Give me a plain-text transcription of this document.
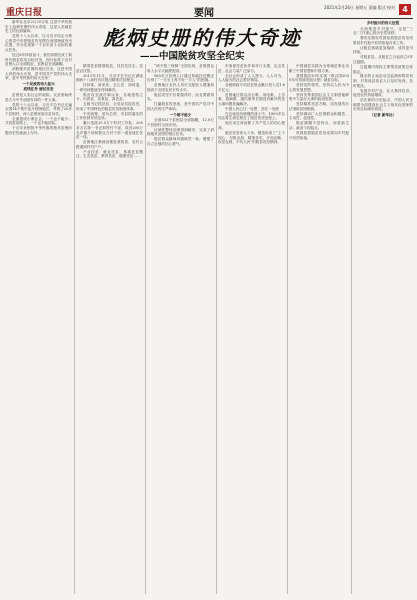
重庆日报	要闻
2021年2月26日 星期五 责编 版式 校对 4
彪炳史册的伟大奇迹
——中国脱贫攻坚全纪实

新华社北京2月25日电 这是中华民族史上彪炳史册的伟大奇迹，这是人类减贫史上的壮丽篇章。

党的十八大以来，以习近平同志为核心的党中央把脱贫攻坚摆在治国理政突出位置，作为实现第一个百年奋斗目标的重点任务。

经过8年持续奋斗，我们如期完成了新时代脱贫攻坚目标任务，现行标准下农村贫困人口全部脱贫，贫困县全部摘帽。

消除绝对贫困的艰巨任务，这是中国人民的伟大光荣，是中国共产党的伟大光荣，是中华民族的伟大光荣！

一个民族的伟大复兴

底线任务 硬仗攻坚

贫困是人类社会的顽疾。反贫困始终是古今中外治国安邦的一件大事。

党的十八大以来，习近平总书记走遍全国14个集中连片特困地区，考察了20多个贫困村，深入贫困家庭访贫问苦。

全面建成小康社会，一个也不能少；共同富裕路上，一个也不能掉队。

千百年来困扰中华民族的绝对贫困问题历史性地画上句号。

精准扶贫精准脱贫，扶贫先扶志，扶贫必扶智。

2013年11月，习近平总书记在湖南湘西十八洞村首次提出精准扶贫理念。

扶持谁、谁来扶、怎么扶、如何退，一系列问题逐步得到解决。

脱贫攻坚战打响以来，各地建档立卡，识真贫、扶真贫、真扶贫。

五级书记抓扶贫、全党动员促攻坚，形成了中国特色的脱贫攻坚制度体系。

中央统筹、省负总责、市县抓落实的工作机制有效运转。

累计选派25.5万个驻村工作队、300多万名第一书记和驻村干部，同近200万名乡镇干部和数百万村干部一道奋战在扶贫一线。

贫困地区基础设施显著改善，农村公路通到村村户户。

产业扶贫、就业扶贫、易地扶贫搬迁、生态扶贫、教育扶贫、健康扶贫……

“两不愁三保障”全面实现，贫困群众收入水平大幅度提高。

960多万贫困人口通过易地扶贫搬迁告别了“一方水土养不好一方人”的困境。

贫困地区农民人均可支配收入增速持续高于全国农民平均水平。

脱贫攻坚不仅要做得好，而且要做得实。

打赢脱贫攻坚战，是中国共产党对中国人民的庄严承诺。

一个都不能少

全国832个贫困县全部摘帽，12.8万个贫困村全部出列。

区域性整体贫困得到解决，完成了消除绝对贫困的艰巨任务。

脱贫群众精神风貌焕然一新，增强了自立自强的信心勇气。

东西部扶贫协作和对口支援，定点扶贫，社会力量广泛参与。

全社会形成了人人愿为、人人可为、人人能为的社会帮扶格局。

各级财政专项扶贫资金累计投入近1.6万亿元。

贫困地区群众出行难、用电难、上学难、看病难、通信难等长期没有解决的老大难问题普遍解决。

中国人民心往一处想、劲往一处使

在这场没有硝烟的战斗中，1800多名同志将生命定格在了脱贫攻坚征程上。

他们用生命诠释了共产党人的初心使命。

脱贫攻坚伟大斗争，锻造形成了“上下同心、尽锐出战、精准务实、开拓创新、攻坚克难、不负人民”的脱贫攻坚精神。

中国减贫实践为全球减贫事业贡献了中国智慧和中国方案。

我国提前10年实现《联合国2030年可持续发展议程》减贫目标。

坚持党的领导，坚持以人民为中心的发展思想。

坚持发挥我国社会主义制度能够集中力量办大事的政治优势。

坚持精准扶贫方略，用发展的办法消除贫困根源。

坚持调动广大贫困群众积极性、主动性、创造性。

脱贫摘帽不是终点，而是新生活、新奋斗的起点。

巩固拓展脱贫攻坚成果同乡村振兴有效衔接。

乡村振兴的伟大征程

全面推进乡村振兴，这是“三农”工作重心的历史性转移。

要切实做好巩固拓展脱贫攻坚成果同乡村振兴有效衔接各项工作。

让脱贫基础更加稳固、成效更可持续。

对脱贫县，从脱贫之日起设立5年过渡期。

过渡期内保持主要帮扶政策总体稳定。

健全防止返贫动态监测和帮扶机制，对易返贫致贫人口及时发现、及时帮扶。

发展乡村产业，壮大集体经济，促进农民持续增收。

站在新的历史起点，中国人民正朝着全面建设社会主义现代化国家的宏伟目标阔步前进。

（记者 新华社）
